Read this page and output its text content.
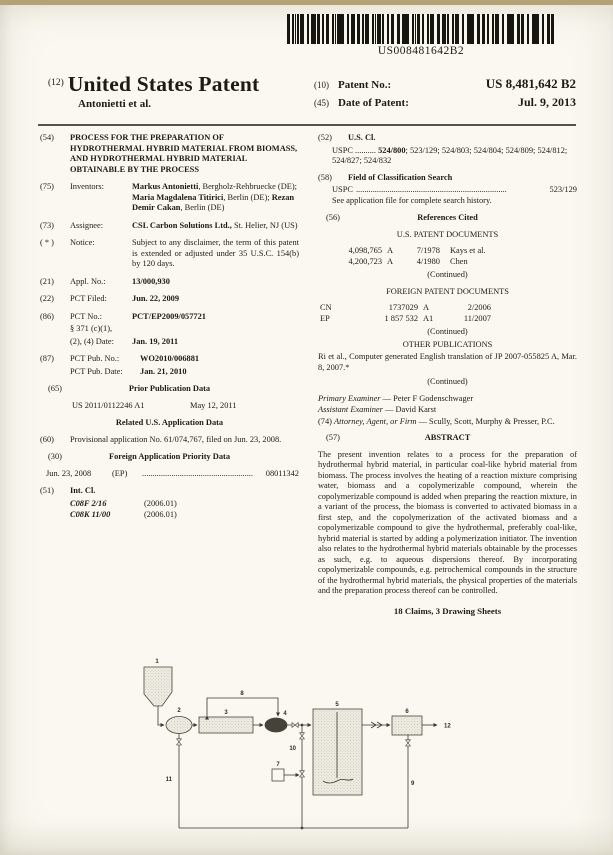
US008481642B2
$^{(12)}$ United States Patent
Antonietti et al.
(10) Patent No.:	US 8,481,642 B2
(45) Date of Patent:	Jul. 9, 2013
(54)	PROCESS FOR THE PREPARATION OF HYDROTHERMAL HYBRID MATERIAL FROM BIOMASS, AND HYDROTHERMAL HYBRID MATERIAL OBTAINABLE BY THE PROCESS
(75)	Inventors:	Markus Antonietti, Bergholz-Rehbruecke (DE); Maria Magdalena Titirici, Berlin (DE); Rezan Demir Cakan, Berlin (DE)
(73)	Assignee:	CSL Carbon Solutions Ltd., St. Helier, NJ (US)
( * )	Notice:	Subject to any disclaimer, the term of this patent is extended or adjusted under 35 U.S.C. 154(b) by 120 days.
(21)	Appl. No.:	13/000,930
(22)	PCT Filed:	Jun. 22, 2009
(86)	PCT No.:	PCT/EP2009/057721
§ 371 (c)(1),
(2), (4) Date:	Jan. 19, 2011
(87)	PCT Pub. No.:	WO2010/006881
PCT Pub. Date:	Jan. 21, 2010
(65)	Prior Publication Data
US 2011/0112246 A1	May 12, 2011
Related U.S. Application Data
(60)	Provisional application No. 61/074,767, filed on Jun. 23, 2008.
(30)	Foreign Application Priority Data
Jun. 23, 2008	(EP)	.....................................................	08011342
(51)	Int. Cl.
C08F 2/16	(2006.01)
C08K 11/00	(2006.01)
(52)	U.S. Cl.

USPC .......... 524/800; 523/129; 524/803; 524/804; 524/809; 524/812; 524/827; 524/832

(58)	Field of Classification Search
USPC ........................................................................	523/129
See application file for complete search history.
(56)	References Cited
U.S. PATENT DOCUMENTS
4,098,765 A	7/1978	Kays et al.
4,200,723 A	4/1980	Chen
(Continued)
FOREIGN PATENT DOCUMENTS
CN	1737029 A	2/2006
EP	1 857 532 A1	11/2007
(Continued)
OTHER PUBLICATIONS

Ri et al., Computer generated English translation of JP 2007-055825 A, Mar. 8, 2007.*

(Continued)
Primary Examiner — Peter F Godenschwager
Assistant Examiner — David Karst
(74) Attorney, Agent, or Firm — Scully, Scott, Murphy & Presser, P.C.
(57)	ABSTRACT

The present invention relates to a process for the preparation of hydrothermal hybrid material, in particular coal-like hybrid material from biomass. The process involves the heating of a reaction mixture comprising water, biomass and a copolymerizable compound, wherein the copolymerizable compound is added when preparing the reaction mixture, in a variant of the process, the biomass is converted to activated biomass in a first step, and the copolymerization of the activated biomass and a copolymerizable compound to give the hydrothermal, preferably coal-like, hybrid material is started by adding a polymerization initiator. The invention also relates to the hydrothermal hybrid materials obtainable by the processes as such, e.g. to aqueous dispersions thereof. By incorporating copolymerizable compounds, e.g. petrochemical compounds in the structure of the hydrothermal hybrid materials, the physical properties of the materials and the preparation process thereof can be controlled.

18 Claims, 3 Drawing Sheets
1
2
11
3
8
4
10
7
5
6
12
9
